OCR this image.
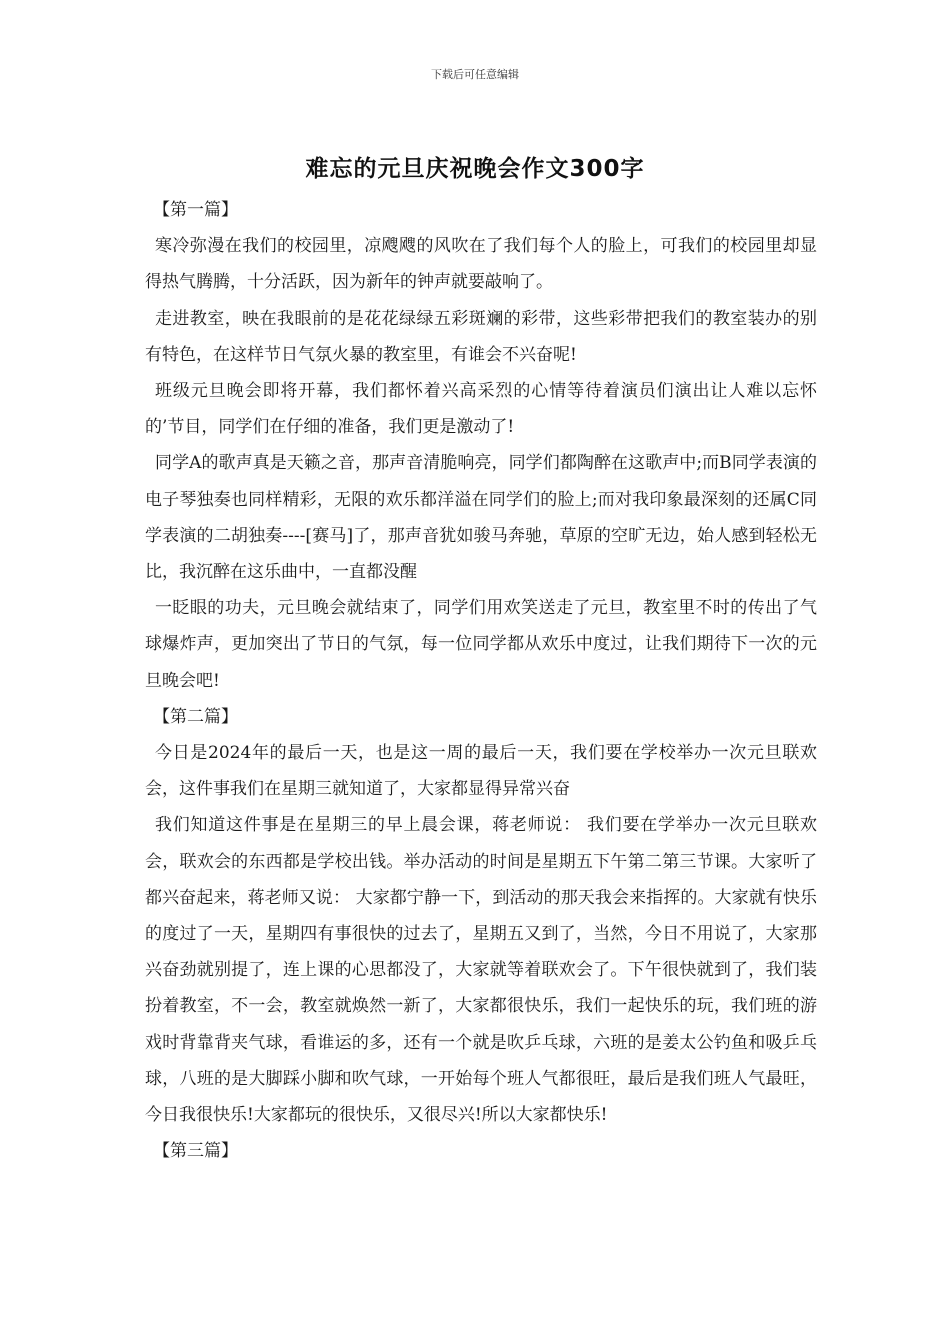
下载后可任意编辑
难忘的元旦庆祝晚会作文300字

【第一篇】

寒冷弥漫在我们的校园里，凉飕飕的风吹在了我们每个人的脸上，可我们的校园里却显得热气腾腾，十分活跃，因为新年的钟声就要敲响了。

走进教室，映在我眼前的是花花绿绿五彩斑斓的彩带，这些彩带把我们的教室装办的别有特色，在这样节日气氛火暴的教室里，有谁会不兴奋呢!

班级元旦晚会即将开幕，我们都怀着兴高采烈的心情等待着演员们演出让人难以忘怀的’节目，同学们在仔细的准备，我们更是激动了!

同学A的歌声真是天籁之音，那声音清脆响亮，同学们都陶醉在这歌声中;而B同学表演的电子琴独奏也同样精彩，无限的欢乐都洋溢在同学们的脸上;而对我印象最深刻的还属C同学表演的二胡独奏----[赛马]了，那声音犹如骏马奔驰，草原的空旷无边，始人感到轻松无比，我沉醉在这乐曲中，一直都没醒

一眨眼的功夫，元旦晚会就结束了，同学们用欢笑送走了元旦，教室里不时的传出了气球爆炸声，更加突出了节日的气氛，每一位同学都从欢乐中度过，让我们期待下一次的元旦晚会吧!

【第二篇】

今日是2024年的最后一天，也是这一周的最后一天，我们要在学校举办一次元旦联欢会，这件事我们在星期三就知道了，大家都显得异常兴奋

我们知道这件事是在星期三的早上晨会课，蒋老师说： 我们要在学举办一次元旦联欢会，联欢会的东西都是学校出钱。举办活动的时间是星期五下午第二第三节课。大家听了都兴奋起来，蒋老师又说： 大家都宁静一下，到活动的那天我会来指挥的。大家就有快乐的度过了一天，星期四有事很快的过去了，星期五又到了，当然，今日不用说了，大家那兴奋劲就别提了，连上课的心思都没了，大家就等着联欢会了。下午很快就到了，我们装扮着教室，不一会，教室就焕然一新了，大家都很快乐，我们一起快乐的玩，我们班的游戏时背靠背夹气球，看谁运的多，还有一个就是吹乒乓球，六班的是姜太公钓鱼和吸乒乓球，八班的是大脚踩小脚和吹气球，一开始每个班人气都很旺，最后是我们班人气最旺，今日我很快乐!大家都玩的很快乐，又很尽兴!所以大家都快乐!

【第三篇】
